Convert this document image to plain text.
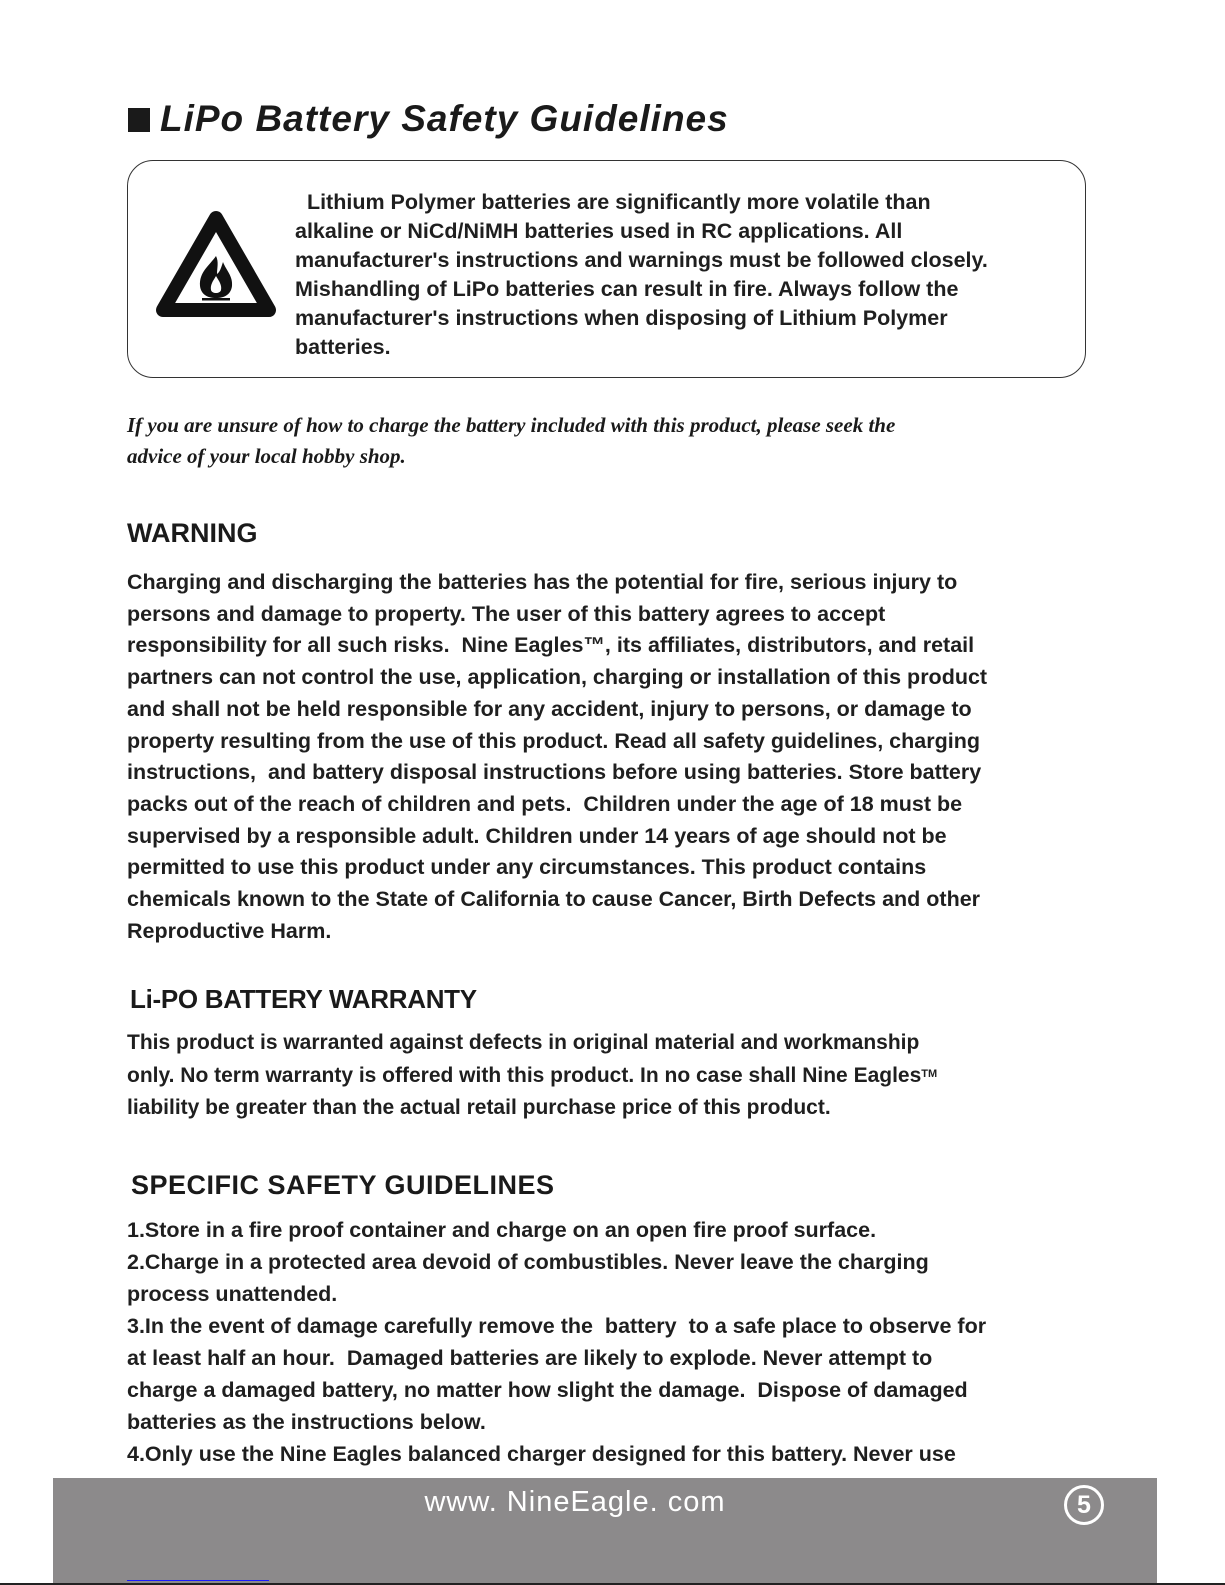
LiPo Battery Safety Guidelines
Lithium Polymer batteries are significantly more volatile than
alkaline or NiCd/NiMH batteries used in RC applications. All
manufacturer's instructions and warnings must be followed closely.
Mishandling of LiPo batteries can result in fire. Always follow the
manufacturer's instructions when disposing of Lithium Polymer
batteries.
If you are unsure of how to charge the battery included with this product, please seek the
advice of your local hobby shop.
WARNING
Charging and discharging the batteries has the potential for fire, serious injury to
persons and damage to property. The user of this battery agrees to accept
responsibility for all such risks.  Nine Eagles™, its affiliates, distributors, and retail
partners can not control the use, application, charging or installation of this product
and shall not be held responsible for any accident, injury to persons, or damage to
property resulting from the use of this product. Read all safety guidelines, charging
instructions,  and battery disposal instructions before using batteries. Store battery
packs out of the reach of children and pets.  Children under the age of 18 must be
supervised by a responsible adult. Children under 14 years of age should not be
permitted to use this product under any circumstances. This product contains
chemicals known to the State of California to cause Cancer, Birth Defects and other
Reproductive Harm.
Li-PO BATTERY WARRANTY
This product is warranted against defects in original material and workmanship
only. No term warranty is offered with this product. In no case shall Nine Eagles™
liability be greater than the actual retail purchase price of this product.
SPECIFIC SAFETY GUIDELINES
1.Store in a fire proof container and charge on an open fire proof surface.
2.Charge in a protected area devoid of combustibles. Never leave the charging
process unattended.
3.In the event of damage carefully remove the  battery  to a safe place to observe for
at least half an hour.  Damaged batteries are likely to explode. Never attempt to
charge a damaged battery, no matter how slight the damage.  Dispose of damaged
batteries as the instructions below.
4.Only use the Nine Eagles balanced charger designed for this battery. Never use
www. NineEagle. com	5
